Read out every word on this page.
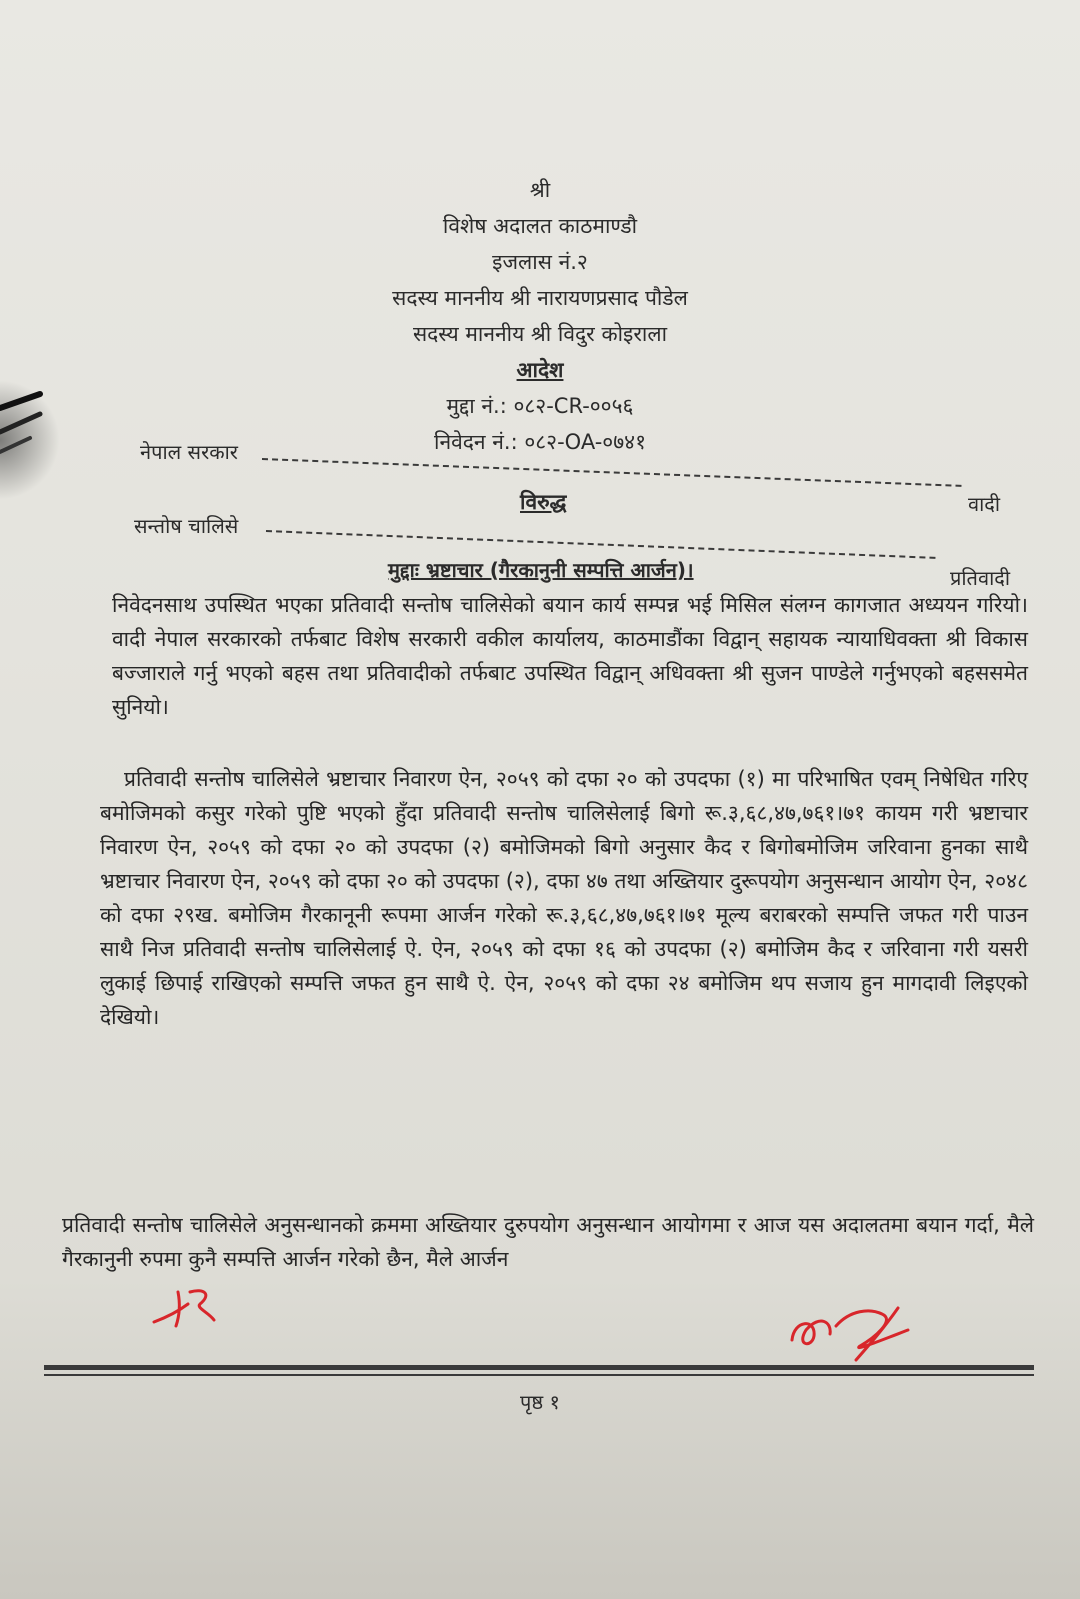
श्री
विशेष अदालत काठमाण्डौ
इजलास नं.२
सदस्य माननीय श्री नारायणप्रसाद पौडेल
सदस्य माननीय श्री विदुर कोइराला
आदेश
मुद्दा नं.: ०८२-CR-००५६
निवेदन नं.: ०८२-OA-०७४१
नेपाल सरकार
वादी
विरुद्ध
सन्तोष चालिसे
प्रतिवादी
मुद्दाः भ्रष्टाचार (गैरकानुनी सम्पत्ति आर्जन)।
निवेदनसाथ उपस्थित भएका प्रतिवादी सन्तोष चालिसेको बयान कार्य सम्पन्न भई मिसिल संलग्न कागजात अध्ययन गरियो। वादी नेपाल सरकारको तर्फबाट विशेष सरकारी वकील कार्यालय, काठमाडौंका विद्वान् सहायक न्यायाधिवक्ता श्री विकास बज्जाराले गर्नु भएको बहस तथा प्रतिवादीको तर्फबाट उपस्थित विद्वान् अधिवक्ता श्री सुजन पाण्डेले गर्नुभएको बहससमेत सुनियो।
प्रतिवादी सन्तोष चालिसेले भ्रष्टाचार निवारण ऐन, २०५९ को दफा २० को उपदफा (१) मा परिभाषित एवम् निषेधित गरिए बमोजिमको कसुर गरेको पुष्टि भएको हुँदा प्रतिवादी सन्तोष चालिसेलाई बिगो रू.३,६८,४७,७६१।७१ कायम गरी भ्रष्टाचार निवारण ऐन, २०५९ को दफा २० को उपदफा (२) बमोजिमको बिगो अनुसार कैद र बिगोबमोजिम जरिवाना हुनका साथै भ्रष्टाचार निवारण ऐन, २०५९ को दफा २० को उपदफा (२), दफा ४७ तथा अख्तियार दुरूपयोग अनुसन्धान आयोग ऐन, २०४८ को दफा २९ख. बमोजिम गैरकानूनी रूपमा आर्जन गरेको रू.३,६८,४७,७६१।७१ मूल्य बराबरको सम्पत्ति जफत गरी पाउन साथै निज प्रतिवादी सन्तोष चालिसेलाई ऐ. ऐन, २०५९ को दफा १६ को उपदफा (२) बमोजिम कैद र जरिवाना गरी यसरी लुकाई छिपाई राखिएको सम्पत्ति जफत हुन साथै ऐ. ऐन, २०५९ को दफा २४ बमोजिम थप सजाय हुन मागदावी लिइएको देखियो।
प्रतिवादी सन्तोष चालिसेले अनुसन्धानको क्रममा अख्तियार दुरुपयोग अनुसन्धान आयोगमा र आज यस अदालतमा बयान गर्दा, मैले गैरकानुनी रुपमा कुनै सम्पत्ति आर्जन गरेको छैन, मैले आर्जन
पृष्ठ १
